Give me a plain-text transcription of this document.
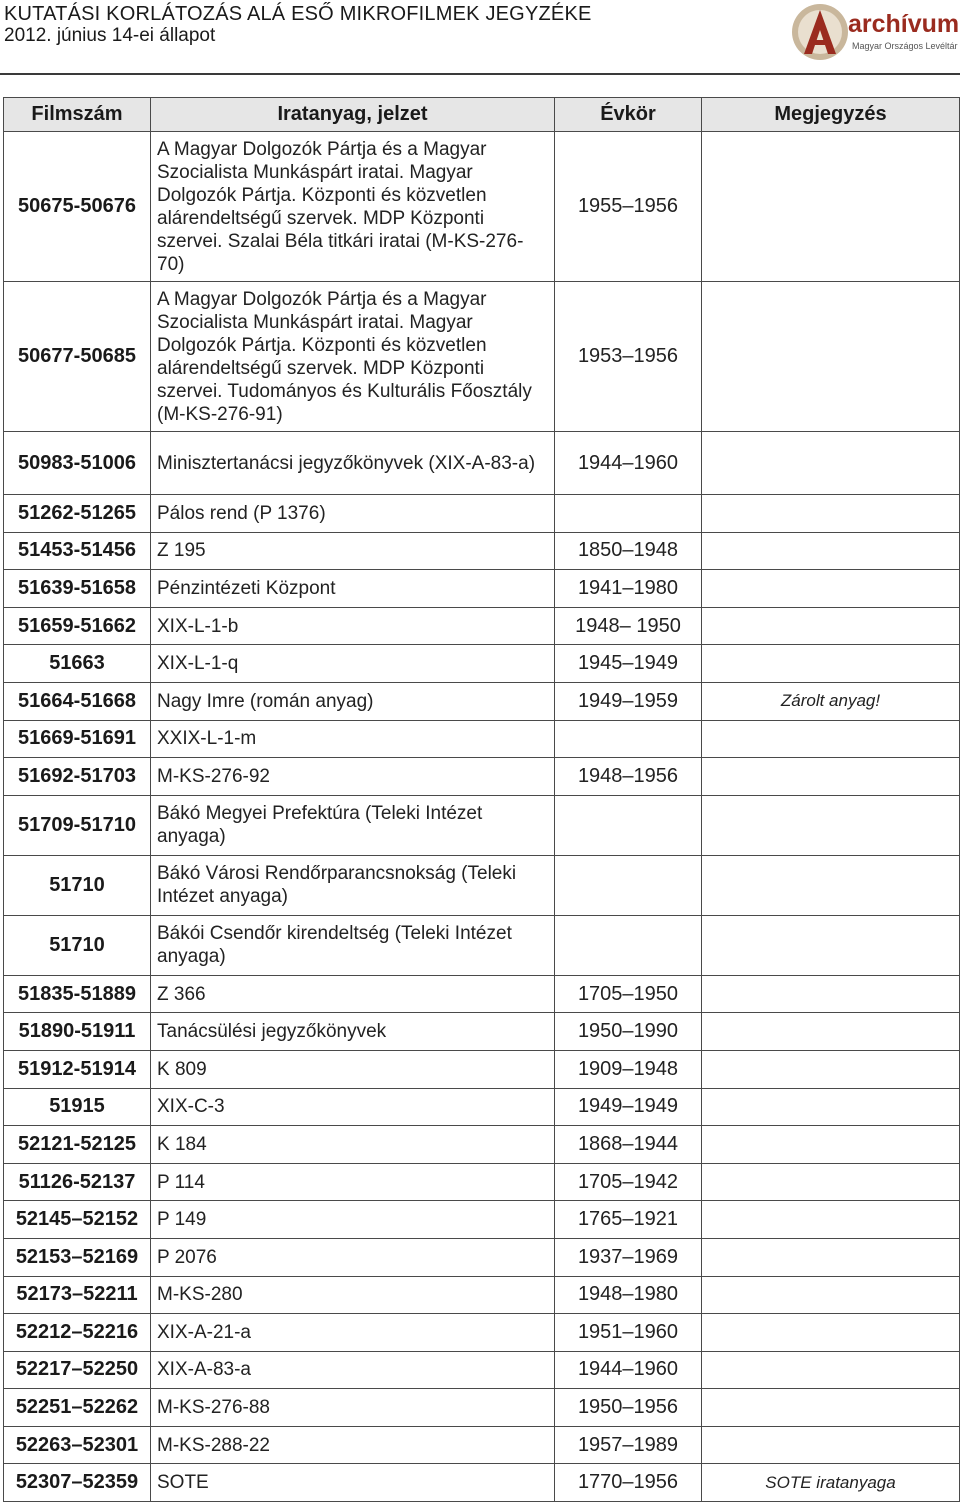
KUTATÁSI KORLÁTOZÁS ALÁ ESŐ MIKROFILMEK JEGYZÉKE
2012. június 14-ei állapot	archívum
Magyar Országos Levéltár
Filmszám	Iratanyag, jelzet	Évkör	Megjegyzés
50675-50676	A Magyar Dolgozók Pártja és a Magyar Szocialista Munkáspárt iratai. Magyar Dolgozók Pártja. Központi és közvetlen alárendeltségű szervek. MDP Központi szervei. Szalai Béla titkári iratai (M-KS-276-70)	1955–1956	
50677-50685	A Magyar Dolgozók Pártja és a Magyar Szocialista Munkáspárt iratai. Magyar Dolgozók Pártja. Központi és közvetlen alárendeltségű szervek. MDP Központi szervei. Tudományos és Kulturális Főosztály (M-KS-276-91)	1953–1956	
50983-51006	Minisztertanácsi jegyzőkönyvek (XIX-A-83-a)	1944–1960	
51262-51265	Pálos rend (P 1376)		
51453-51456	Z 195	1850–1948	
51639-51658	Pénzintézeti Központ	1941–1980	
51659-51662	XIX-L-1-b	1948– 1950	
51663	XIX-L-1-q	1945–1949	
51664-51668	Nagy Imre (román anyag)	1949–1959	Zárolt anyag!
51669-51691	XXIX-L-1-m		
51692-51703	M-KS-276-92	1948–1956	
51709-51710	Bákó Megyei Prefektúra (Teleki Intézet anyaga)		
51710	Bákó Városi Rendőrparancsnokság (Teleki Intézet anyaga)		
51710	Bákói Csendőr kirendeltség (Teleki Intézet anyaga)		
51835-51889	Z 366	1705–1950	
51890-51911	Tanácsülési jegyzőkönyvek	1950–1990	
51912-51914	K 809	1909–1948	
51915	XIX-C-3	1949–1949	
52121-52125	K 184	1868–1944	
51126-52137	P 114	1705–1942	
52145–52152	P 149	1765–1921	
52153–52169	P 2076	1937–1969	
52173–52211	M-KS-280	1948–1980	
52212–52216	XIX-A-21-a	1951–1960	
52217–52250	XIX-A-83-a	1944–1960	
52251–52262	M-KS-276-88	1950–1956	
52263–52301	M-KS-288-22	1957–1989	
52307–52359	SOTE	1770–1956	SOTE iratanyaga
